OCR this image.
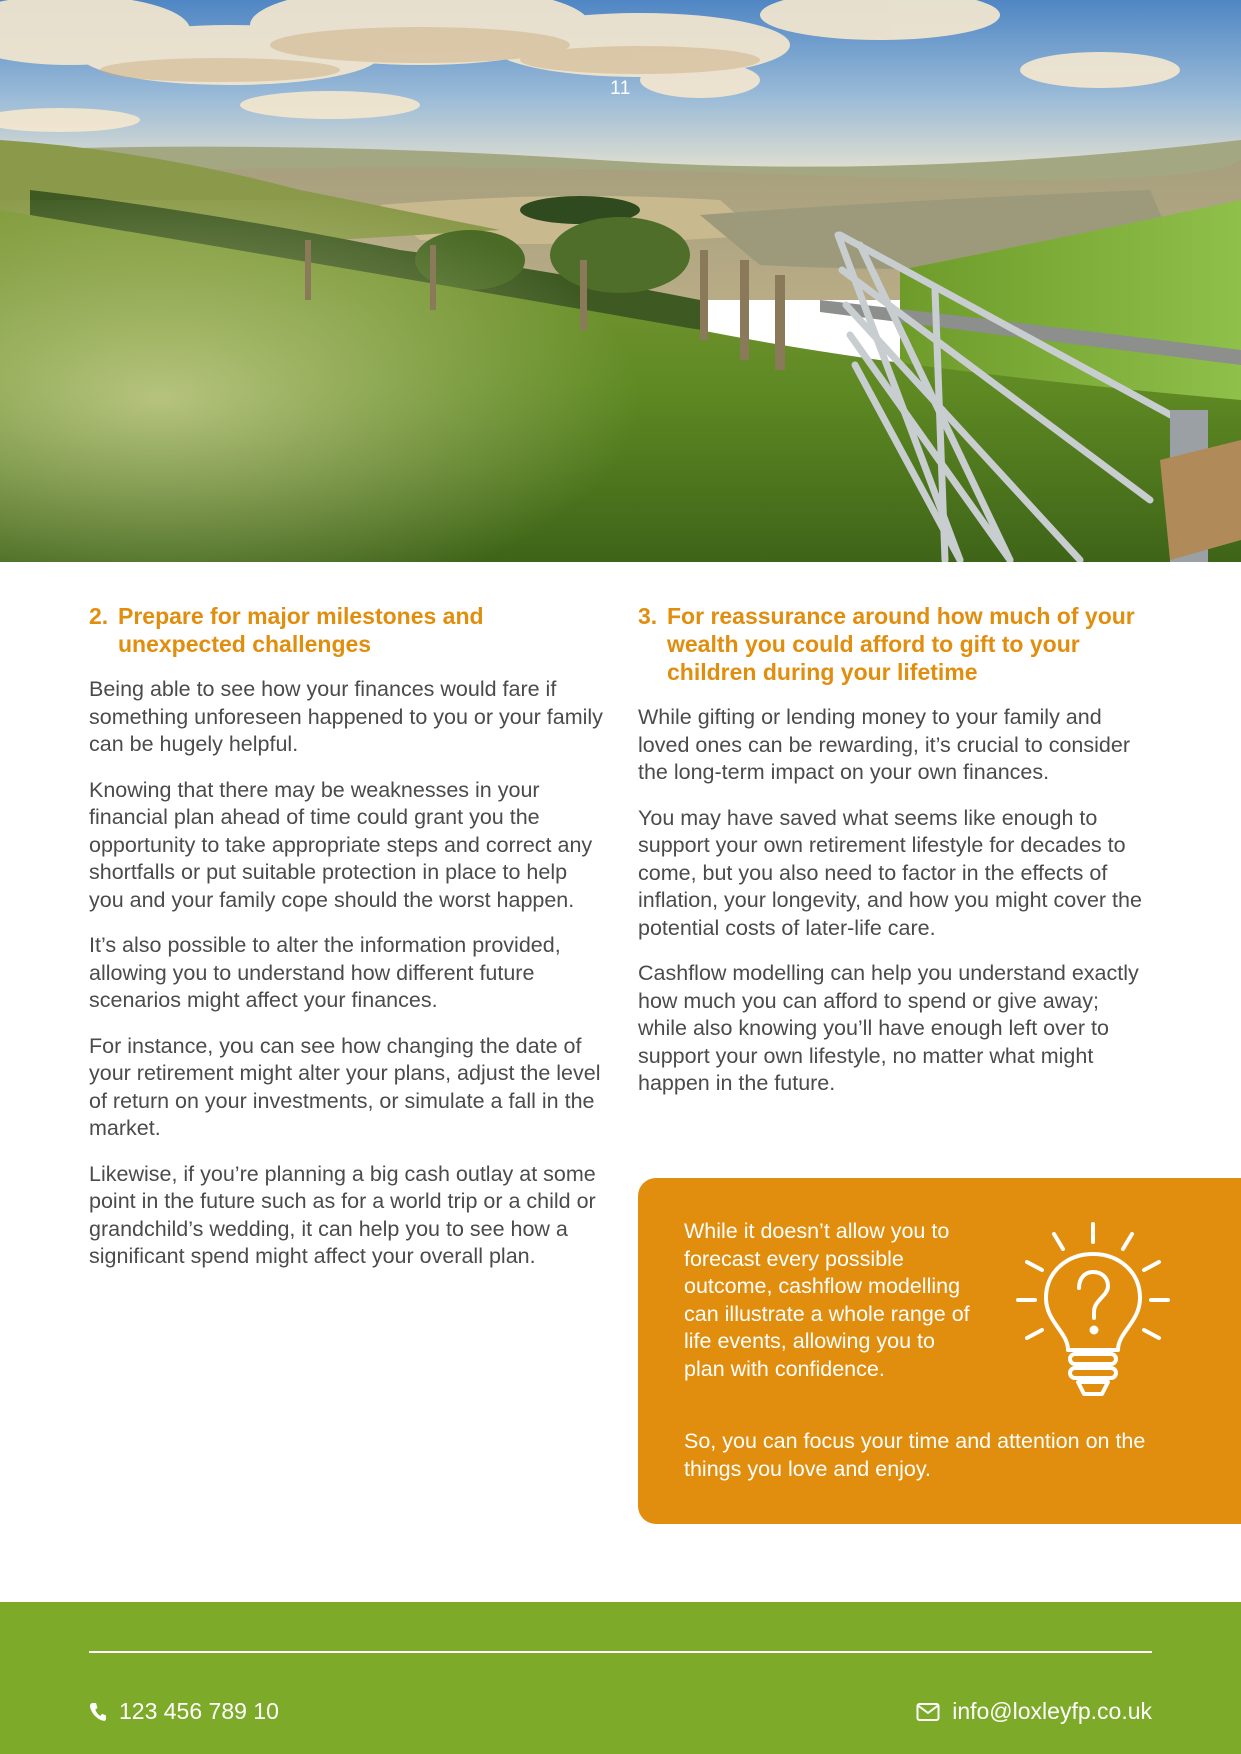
11
2. Prepare for major milestones and unexpected challenges

Being able to see how your finances would fare if something unforeseen happened to you or your family can be hugely helpful.

Knowing that there may be weaknesses in your financial plan ahead of time could grant you the opportunity to take appropriate steps and correct any shortfalls or put suitable protection in place to help you and your family cope should the worst happen.

It’s also possible to alter the information provided, allowing you to understand how different future scenarios might affect your finances.

For instance, you can see how changing the date of your retirement might alter your plans, adjust the level of return on your investments, or simulate a fall in the market.

Likewise, if you’re planning a big cash outlay at some point in the future such as for a world trip or a child or grandchild’s wedding, it can help you to see how a significant spend might affect your overall plan.

3. For reassurance around how much of your wealth you could afford to gift to your children during your lifetime

While gifting or lending money to your family and loved ones can be rewarding, it’s crucial to consider the long-term impact on your own finances.

You may have saved what seems like enough to support your own retirement lifestyle for decades to come, but you also need to factor in the effects of inflation, your longevity, and how you might cover the potential costs of later-life care.

Cashflow modelling can help you understand exactly how much you can afford to spend or give away; while also knowing you’ll have enough left over to support your own lifestyle, no matter what might happen in the future.

While it doesn’t allow you to forecast every possible outcome, cashflow modelling can illustrate a whole range of life events, allowing you to plan with confidence.

So, you can focus your time and attention on the things you love and enjoy.

123 456 789 10	info@loxleyfp.co.uk
